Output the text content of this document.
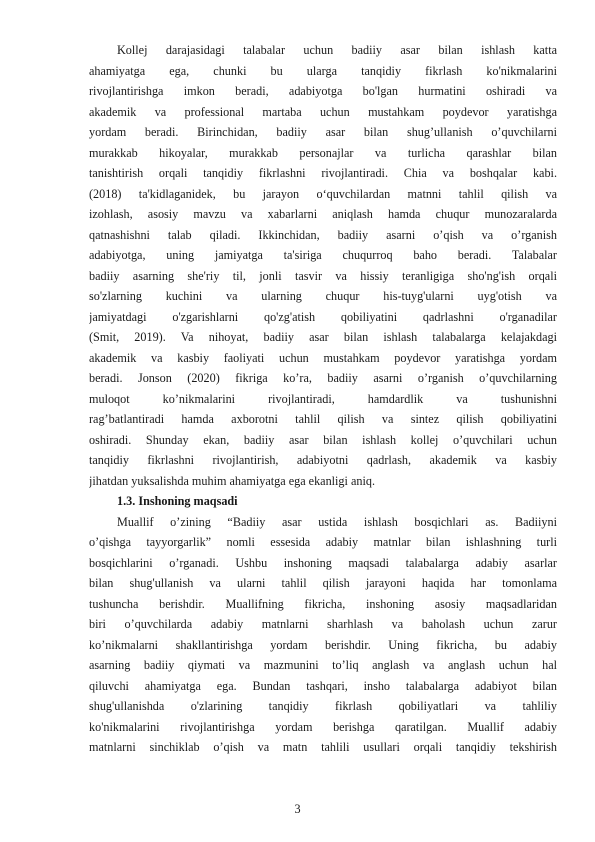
Kollej darajasidagi talabalar uchun badiiy asar bilan ishlash katta
ahamiyatga ega, chunki bu ularga tanqidiy fikrlash ko'nikmalarini
rivojlantirishga imkon beradi, adabiyotga bo'lgan hurmatini oshiradi va
akademik va professional martaba uchun mustahkam poydevor yaratishga
yordam beradi. Birinchidan, badiiy asar bilan shug’ullanish o’quvchilarni
murakkab hikoyalar, murakkab personajlar va turlicha qarashlar bilan
tanishtirish orqali tanqidiy fikrlashni rivojlantiradi. Chia va boshqalar kabi.
(2018) ta'kidlaganidek, bu jarayon o‘quvchilardan matnni tahlil qilish va
izohlash, asosiy mavzu va xabarlarni aniqlash hamda chuqur munozaralarda
qatnashishni talab qiladi. Ikkinchidan, badiiy asarni o’qish va o’rganish
adabiyotga, uning jamiyatga ta'siriga chuqurroq baho beradi. Talabalar
badiiy asarning she'riy til, jonli tasvir va hissiy teranligiga sho'ng'ish orqali
so'zlarning kuchini va ularning chuqur his-tuyg'ularni uyg'otish va
jamiyatdagi o'zgarishlarni qo'zg'atish qobiliyatini qadrlashni o'rganadilar
(Smit, 2019). Va nihoyat, badiiy asar bilan ishlash talabalarga kelajakdagi
akademik va kasbiy faoliyati uchun mustahkam poydevor yaratishga yordam
beradi. Jonson (2020) fikriga ko’ra, badiiy asarni o’rganish o’quvchilarning
muloqot ko’nikmalarini rivojlantiradi, hamdardlik va tushunishni
rag’batlantiradi hamda axborotni tahlil qilish va sintez qilish qobiliyatini
oshiradi. Shunday ekan, badiiy asar bilan ishlash kollej o’quvchilari uchun
tanqidiy fikrlashni rivojlantirish, adabiyotni qadrlash, akademik va kasbiy
jihatdan yuksalishda muhim ahamiyatga ega ekanligi aniq.
1.3. Inshoning maqsadi
Muallif o’zining “Badiiy asar ustida ishlash bosqichlari as. Badiiyni
o’qishga tayyorgarlik” nomli essesida adabiy matnlar bilan ishlashning turli
bosqichlarini o’rganadi. Ushbu inshoning maqsadi talabalarga adabiy asarlar
bilan shug'ullanish va ularni tahlil qilish jarayoni haqida har tomonlama
tushuncha berishdir. Muallifning fikricha, inshoning asosiy maqsadlaridan
biri o’quvchilarda adabiy matnlarni sharhlash va baholash uchun zarur
ko’nikmalarni shakllantirishga yordam berishdir. Uning fikricha, bu adabiy
asarning badiiy qiymati va mazmunini to’liq anglash va anglash uchun hal
qiluvchi ahamiyatga ega. Bundan tashqari, insho talabalarga adabiyot bilan
shug'ullanishda o'zlarining tanqidiy fikrlash qobiliyatlari va tahliliy
ko'nikmalarini rivojlantirishga yordam berishga qaratilgan. Muallif adabiy
matnlarni sinchiklab o’qish va matn tahlili usullari orqali tanqidiy tekshirish
3
